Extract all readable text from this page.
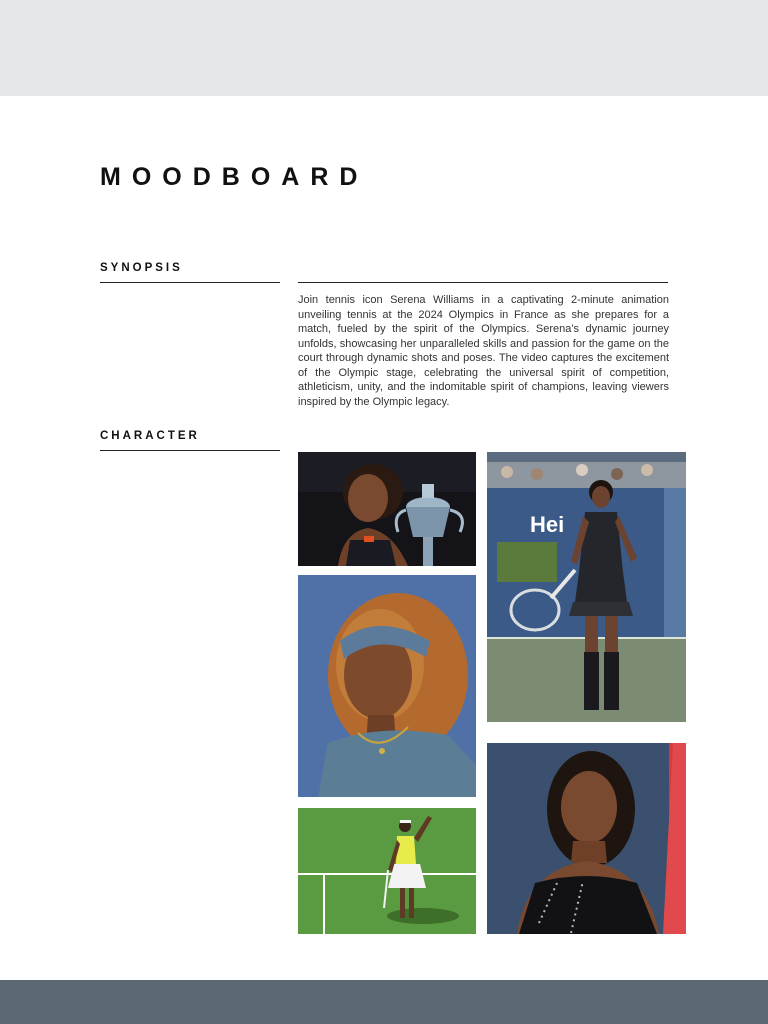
MOODBOARD
SYNOPSIS

Join tennis icon Serena Williams in a captivating 2-minute animation unveiling tennis at the 2024 Olympics in France as she prepares for a match, fueled by the spirit of the Olympics. Serena's dynamic journey unfolds, showcasing her unparalleled skills and passion for the game on the court through dynamic shots and poses. The video captures the excitement of the Olympic stage, celebrating the universal spirit of competition, athleticism, unity, and the indomitable spirit of champions, leaving viewers inspired by the Olympic legacy.

CHARACTER
Hei
